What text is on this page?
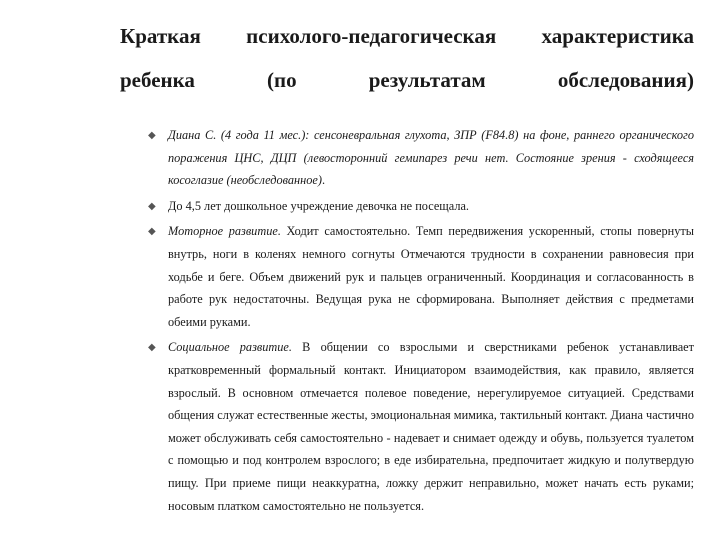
Краткая психолого-педагогическая характеристика
ребенка (по результатам обследования)
◆ Диана С. (4 года 11 мес.): сенсоневральная глухота, ЗПР (F84.8) на фоне, раннего органического поражения ЦНС, ДЦП (левосторонний гемипарез речи нет. Состояние зрения - сходящееся косоглазие (необследованное).

◆ До 4,5 лет дошкольное учреждение девочка не посещала.

◆ Моторное развитие. Ходит самостоятельно. Темп передвижения ускоренный, стопы повернуты внутрь, ноги в коленях немного согнуты Отмечаются трудности в сохранении равновесия при ходьбе и беге. Объем движений рук и пальцев ограниченный. Координация и согласованность в работе рук недостаточны. Ведущая рука не сформирована. Выполняет действия с предметами обеими руками.

◆ Социальное развитие. В общении со взрослыми и сверстниками ребенок устанавливает кратковременный формальный контакт. Инициатором взаимодействия, как правило, является взрослый. В основном отмечается полевое поведение, нерегулируемое ситуацией. Средствами общения служат естественные жесты, эмоциональная мимика, тактильный контакт. Диана частично может обслуживать себя самостоятельно - надевает и снимает одежду и обувь, пользуется туалетом с помощью и под контролем взрослого; в еде избирательна, предпочитает жидкую и полутвердую пищу. При приеме пищи неаккуратна, ложку держит неправильно, может начать есть руками; носовым платком самостоятельно не пользуется.
